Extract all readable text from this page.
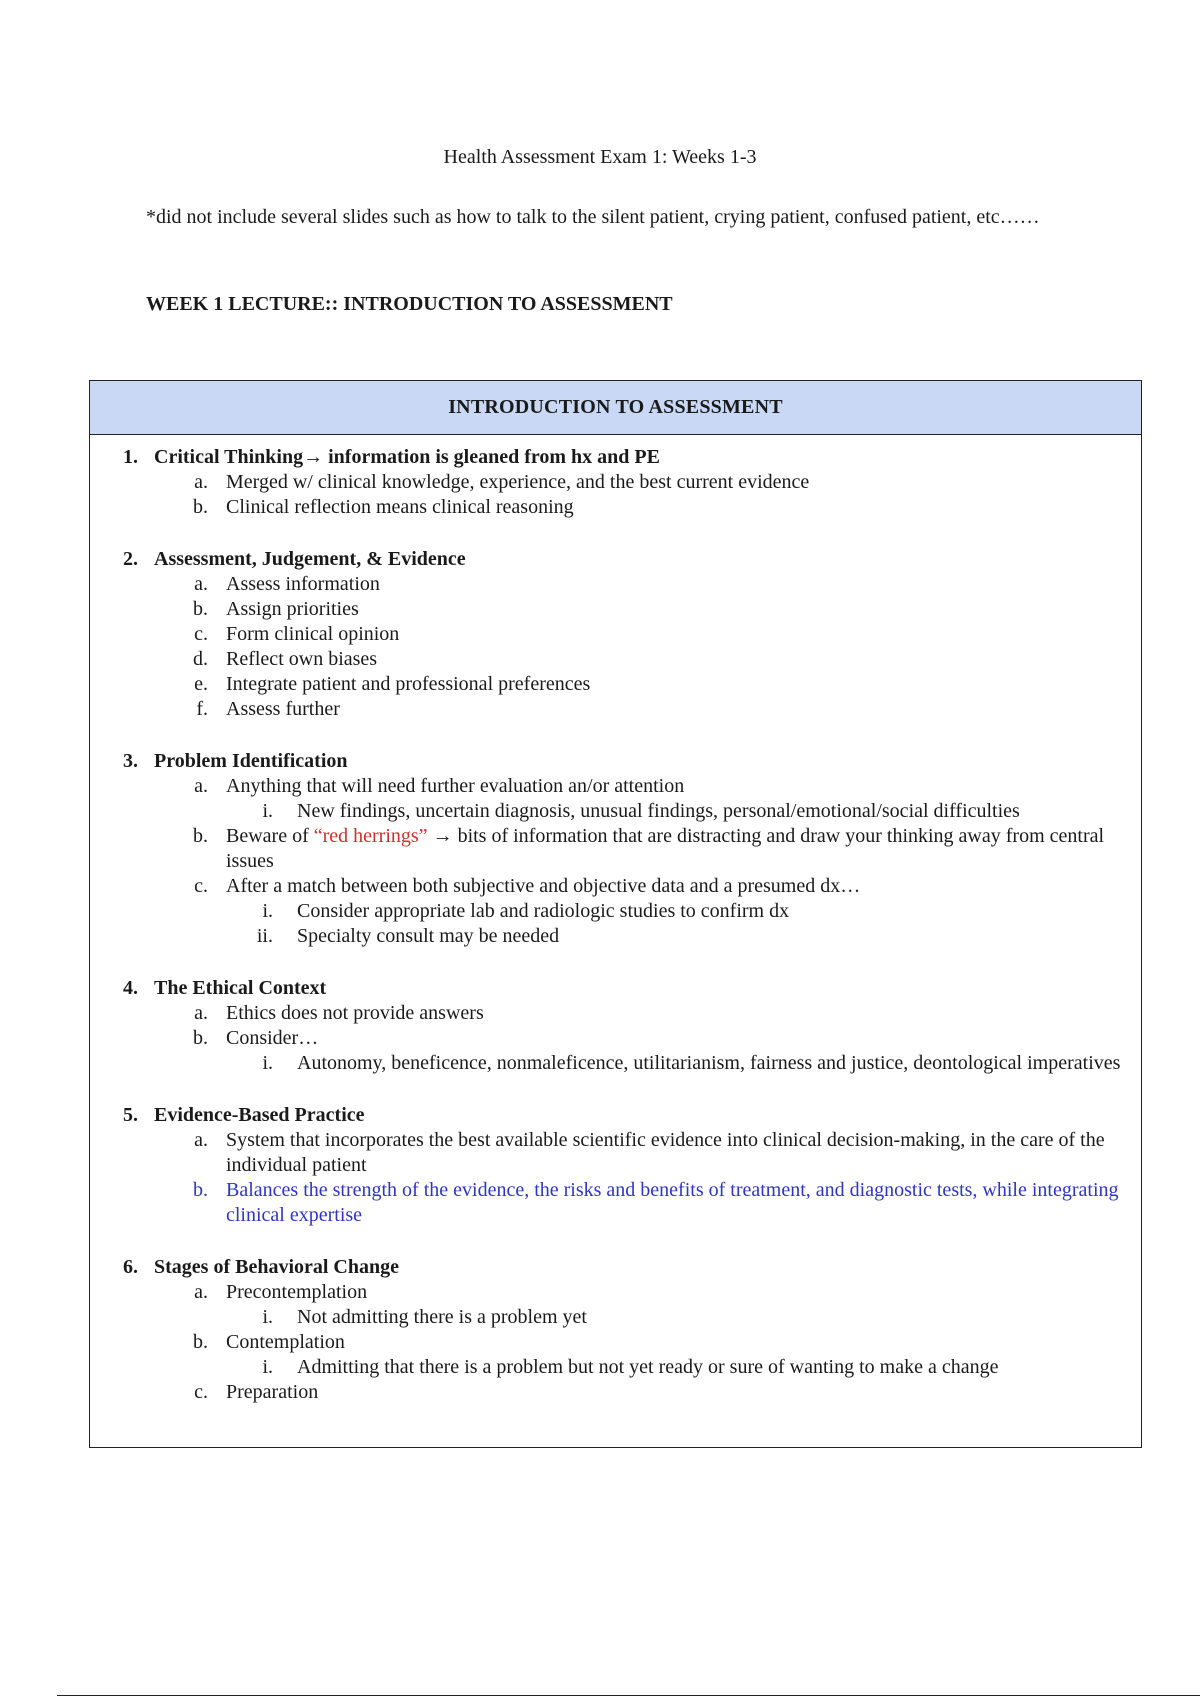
Health Assessment Exam 1: Weeks 1-3

*did not include several slides such as how to talk to the silent patient, crying patient, confused patient, etc……

WEEK 1 LECTURE:: INTRODUCTION TO ASSESSMENT

INTRODUCTION TO ASSESSMENT
1. Critical Thinking→ information is gleaned from hx and PE
a. Merged w/ clinical knowledge, experience, and the best current evidence
b. Clinical reflection means clinical reasoning
2. Assessment, Judgement, & Evidence
a. Assess information
b. Assign priorities
c. Form clinical opinion
d. Reflect own biases
e. Integrate patient and professional preferences
f. Assess further
3. Problem Identification
a. Anything that will need further evaluation an/or attention
i.	New findings, uncertain diagnosis, unusual findings, personal/emotional/social difficulties
b. Beware of “red herrings” → bits of information that are distracting and draw your thinking away from central issues
c. After a match between both subjective and objective data and a presumed dx…
i.	Consider appropriate lab and radiologic studies to confirm dx
ii.	Specialty consult may be needed
4. The Ethical Context
a. Ethics does not provide answers
b. Consider…
i.	Autonomy, beneficence, nonmaleficence, utilitarianism, fairness and justice, deontological imperatives
5. Evidence-Based Practice
a. System that incorporates the best available scientific evidence into clinical decision-making, in the care of the individual patient
b. Balances the strength of the evidence, the risks and benefits of treatment, and diagnostic tests, while integrating clinical expertise
6. Stages of Behavioral Change
a. Precontemplation
i.	Not admitting there is a problem yet
b. Contemplation
i.	Admitting that there is a problem but not yet ready or sure of wanting to make a change
c. Preparation
